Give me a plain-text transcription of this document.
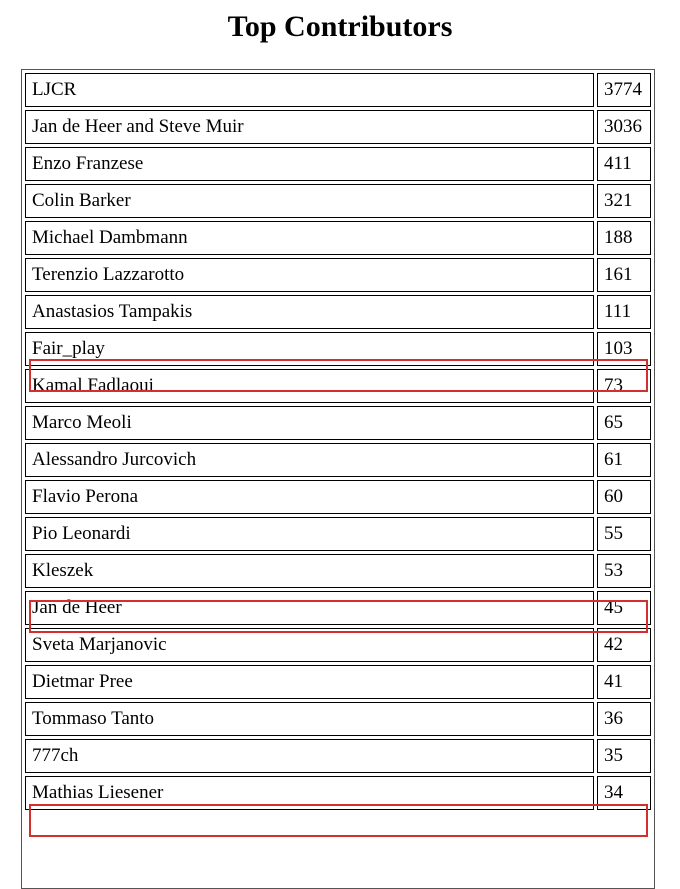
Top Contributors
LJCR	3774
Jan de Heer and Steve Muir	3036
Enzo Franzese	411
Colin Barker	321
Michael Dambmann	188
Terenzio Lazzarotto	161
Anastasios Tampakis	111
Fair_play	103
Kamal Fadlaoui	73
Marco Meoli	65
Alessandro Jurcovich	61
Flavio Perona	60
Pio Leonardi	55
Kleszek	53
Jan de Heer	45
Sveta Marjanovic	42
Dietmar Pree	41
Tommaso Tanto	36
777ch	35
Mathias Liesener	34
